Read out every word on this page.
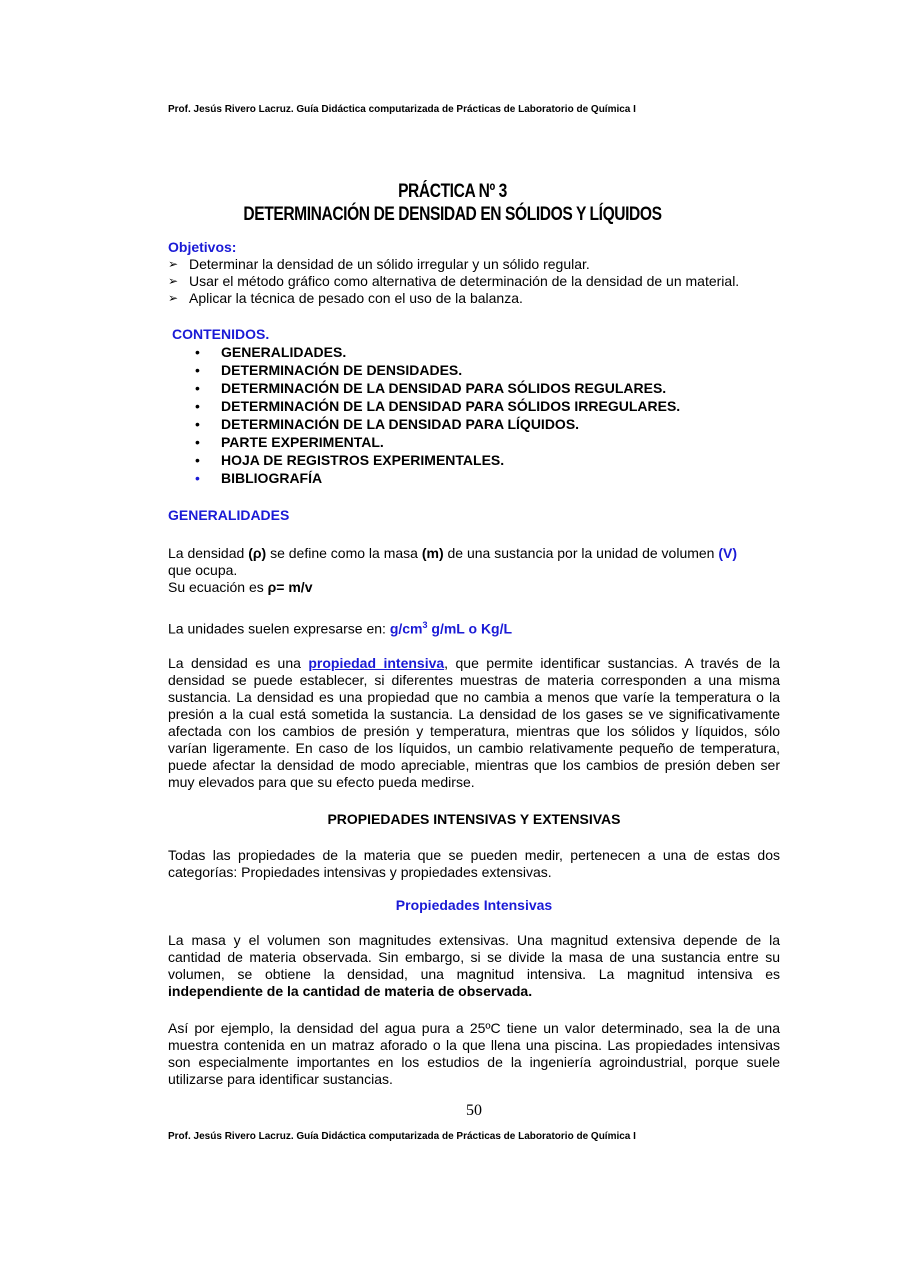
Prof. Jesús Rivero Lacruz. Guía Didáctica computarizada de Prácticas de Laboratorio de Química I
PRÁCTICA Nº 3
DETERMINACIÓN DE DENSIDAD EN SÓLIDOS Y LÍQUIDOS
Objetivos:
➢ Determinar la densidad de un sólido irregular y un sólido regular.
➢ Usar el método gráfico como alternativa de determinación de la densidad de un material.
➢ Aplicar la técnica de pesado con el uso de la balanza.
CONTENIDOS.
• GENERALIDADES.
• DETERMINACIÓN DE DENSIDADES.
• DETERMINACIÓN DE LA DENSIDAD PARA SÓLIDOS REGULARES.
• DETERMINACIÓN DE LA DENSIDAD PARA SÓLIDOS IRREGULARES.
• DETERMINACIÓN DE LA DENSIDAD PARA LÍQUIDOS.
• PARTE EXPERIMENTAL.
• HOJA DE REGISTROS EXPERIMENTALES.
• BIBLIOGRAFÍA
GENERALIDADES

La densidad (ρ) se define como la masa (m) de una sustancia por la unidad de volumen (V)
que ocupa.

Su ecuación es ρ= m/v

La unidades suelen expresarse en: $g/cm^3$ g/mL o Kg/L

La densidad es una propiedad intensiva, que permite identificar sustancias. A través de la densidad se puede establecer, si diferentes muestras de materia corresponden a una misma sustancia. La densidad es una propiedad que no cambia a menos que varíe la temperatura o la presión a la cual está sometida la sustancia. La densidad de los gases se ve significativamente afectada con los cambios de presión y temperatura, mientras que los sólidos y líquidos, sólo varían ligeramente. En caso de los líquidos, un cambio relativamente pequeño de temperatura, puede afectar la densidad de modo apreciable, mientras que los cambios de presión deben ser muy elevados para que su efecto pueda medirse.

PROPIEDADES INTENSIVAS Y EXTENSIVAS

Todas las propiedades de la materia que se pueden medir, pertenecen a una de estas dos categorías: Propiedades intensivas y propiedades extensivas.

Propiedades Intensivas

La masa y el volumen son magnitudes extensivas. Una magnitud extensiva depende de la cantidad de materia observada. Sin embargo, si se divide la masa de una sustancia entre su volumen, se obtiene la densidad, una magnitud intensiva. La magnitud intensiva es independiente de la cantidad de materia de observada.

Así por ejemplo, la densidad del agua pura a 25ºC tiene un valor determinado, sea la de una muestra contenida en un matraz aforado o la que llena una piscina. Las propiedades intensivas son especialmente importantes en los estudios de la ingeniería agroindustrial, porque suele utilizarse para identificar sustancias.

50
Prof. Jesús Rivero Lacruz. Guía Didáctica computarizada de Prácticas de Laboratorio de Química I
